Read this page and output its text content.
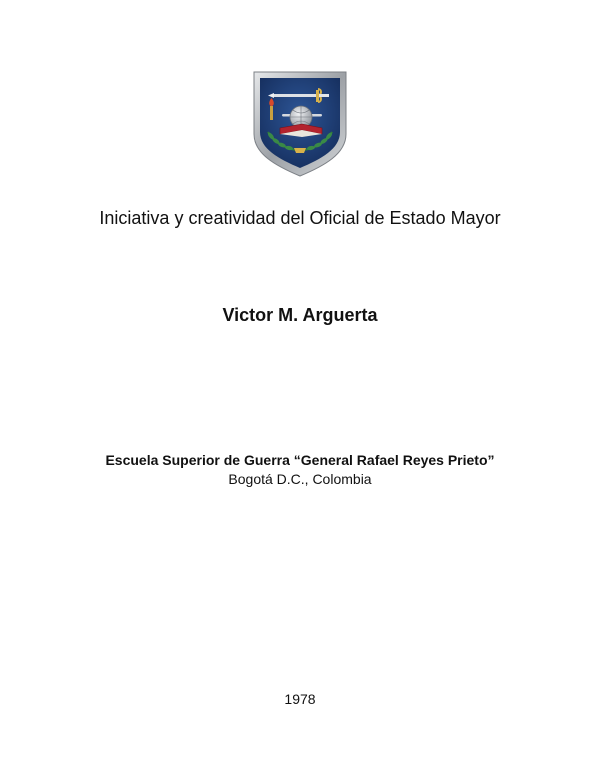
Iniciativa y creatividad del Oficial de Estado Mayor
Victor M. Arguerta
Escuela Superior de Guerra “General Rafael Reyes Prieto”
Bogotá D.C., Colombia
1978
